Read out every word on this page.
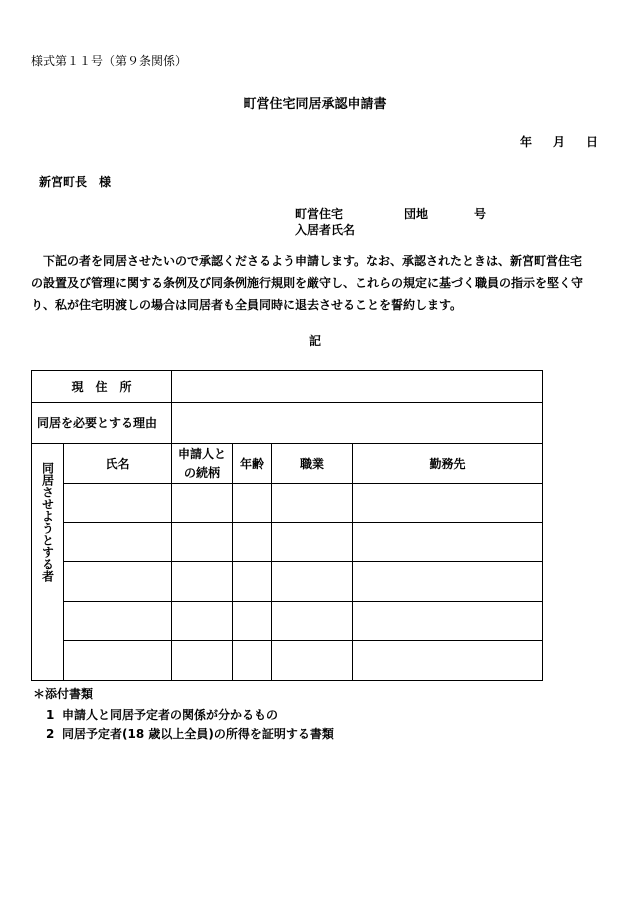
様式第１１号（第９条関係）
町営住宅同居承認申請書
年 月 日
新宮町長　様
町営住宅	団地	号
入居者氏名
下記の者を同居させたいので承認くださるよう申請します。なお、承認されたときは、新宮町営住宅の設置及び管理に関する条例及び同条例施行規則を厳守し、これらの規定に基づく職員の指示を堅く守り、私が住宅明渡しの場合は同居者も全員同時に退去させることを誓約します。
記
現　住　所					
同居を必要とする理由					

同居させようとする者	氏名	申請人との続柄	年齢	職業	勤務先

＊添付書類
1 申請人と同居予定者の関係が分かるもの
2 同居予定者(18 歳以上全員)の所得を証明する書類
